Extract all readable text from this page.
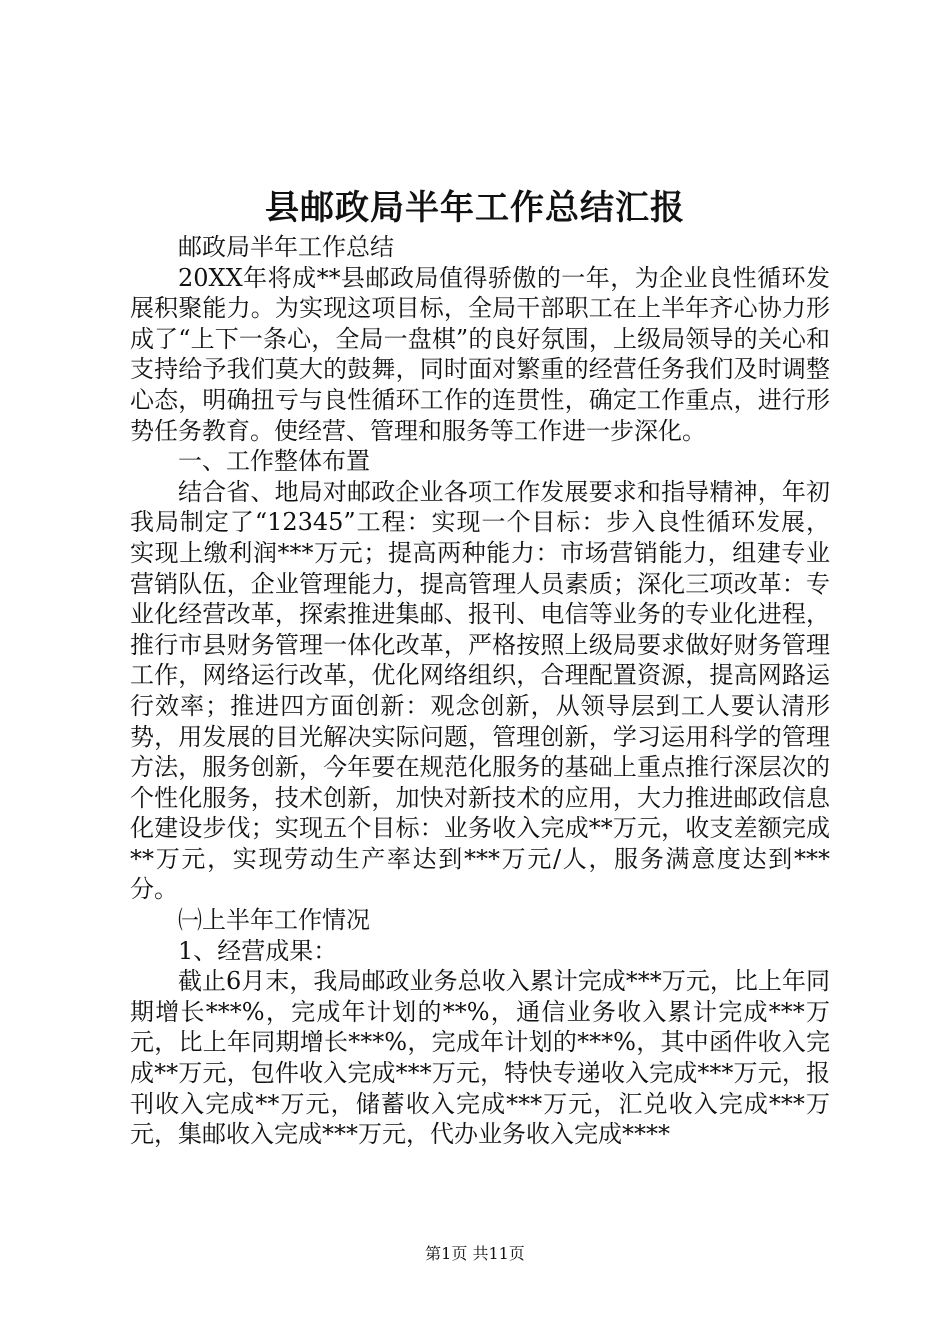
县邮政局半年工作总结汇报

邮政局半年工作总结

20XX年将成**县邮政局值得骄傲的一年，为企业良性循环发展积聚能力。为实现这项目标，全局干部职工在上半年齐心协力形成了“上下一条心，全局一盘棋”的良好氛围，上级局领导的关心和支持给予我们莫大的鼓舞，同时面对繁重的经营任务我们及时调整心态，明确扭亏与良性循环工作的连贯性，确定工作重点，进行形势任务教育。使经营、管理和服务等工作进一步深化。

一、工作整体布置

结合省、地局对邮政企业各项工作发展要求和指导精神，年初我局制定了“12345”工程：实现一个目标：步入良性循环发展，实现上缴利润***万元；提高两种能力：市场营销能力，组建专业营销队伍，企业管理能力，提高管理人员素质；深化三项改革：专业化经营改革，探索推进集邮、报刊、电信等业务的专业化进程，推行市县财务管理一体化改革，严格按照上级局要求做好财务管理工作，网络运行改革，优化网络组织，合理配置资源，提高网路运行效率；推进四方面创新：观念创新，从领导层到工人要认清形势，用发展的目光解决实际问题，管理创新，学习运用科学的管理方法，服务创新，今年要在规范化服务的基础上重点推行深层次的个性化服务，技术创新，加快对新技术的应用，大力推进邮政信息化建设步伐；实现五个目标：业务收入完成**万元，收支差额完成**万元，实现劳动生产率达到***万元/人，服务满意度达到***分。

㈠上半年工作情况

1、经营成果：

截止6月末，我局邮政业务总收入累计完成***万元，比上年同期增长***%，完成年计划的**%，通信业务收入累计完成***万元，比上年同期增长***%，完成年计划的***%，其中函件收入完成**万元，包件收入完成***万元，特快专递收入完成***万元，报刊收入完成**万元，储蓄收入完成***万元，汇兑收入完成***万元，集邮收入完成***万元，代办业务收入完成****

第1页 共11页
